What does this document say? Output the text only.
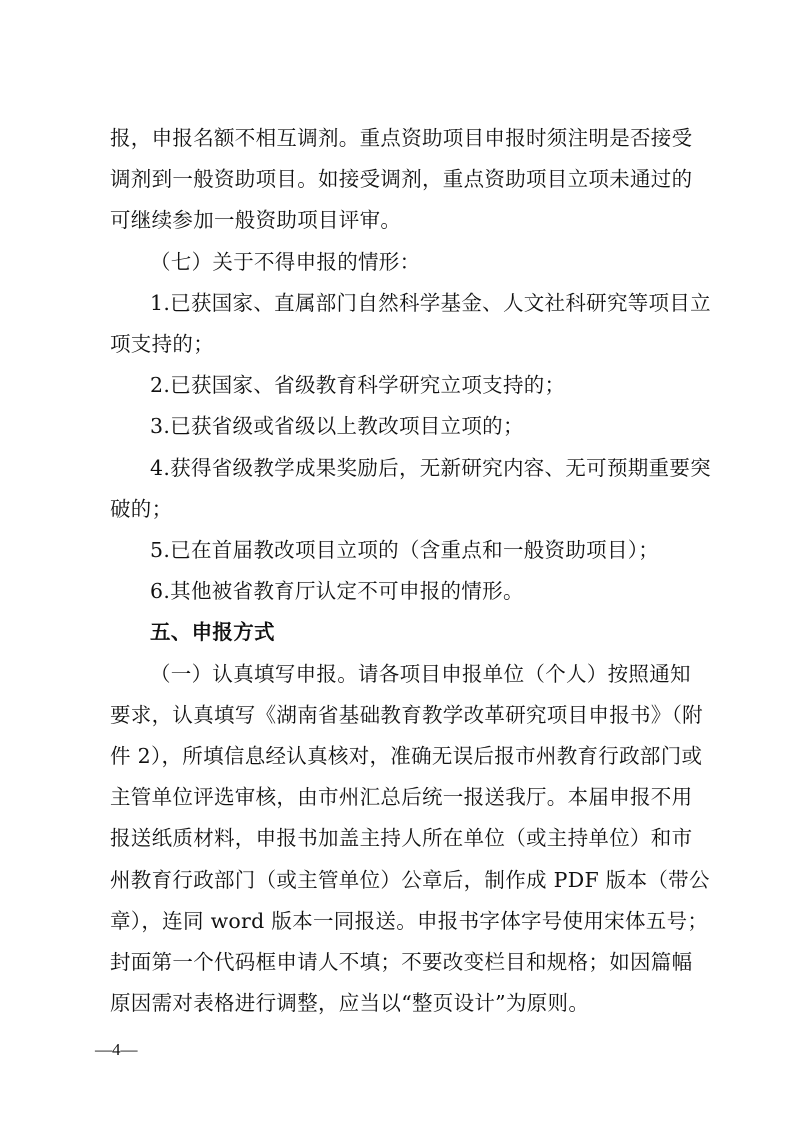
报，申报名额不相互调剂。重点资助项目申报时须注明是否接受
调剂到一般资助项目。如接受调剂，重点资助项目立项未通过的
可继续参加一般资助项目评审。
（七）关于不得申报的情形：
1.已获国家、直属部门自然科学基金、人文社科研究等项目立
项支持的；
2.已获国家、省级教育科学研究立项支持的；
3.已获省级或省级以上教改项目立项的；
4.获得省级教学成果奖励后，无新研究内容、无可预期重要突
破的；
5.已在首届教改项目立项的（含重点和一般资助项目）；
6.其他被省教育厅认定不可申报的情形。
五、申报方式
（一）认真填写申报。请各项目申报单位（个人）按照通知
要求，认真填写《湖南省基础教育教学改革研究项目申报书》（附
件 2），所填信息经认真核对，准确无误后报市州教育行政部门或
主管单位评选审核，由市州汇总后统一报送我厅。本届申报不用
报送纸质材料，申报书加盖主持人所在单位（或主持单位）和市
州教育行政部门（或主管单位）公章后，制作成 PDF 版本（带公
章），连同 word 版本一同报送。申报书字体字号使用宋体五号；
封面第一个代码框申请人不填；不要改变栏目和规格；如因篇幅
原因需对表格进行调整，应当以“整页设计”为原则。
—4—
